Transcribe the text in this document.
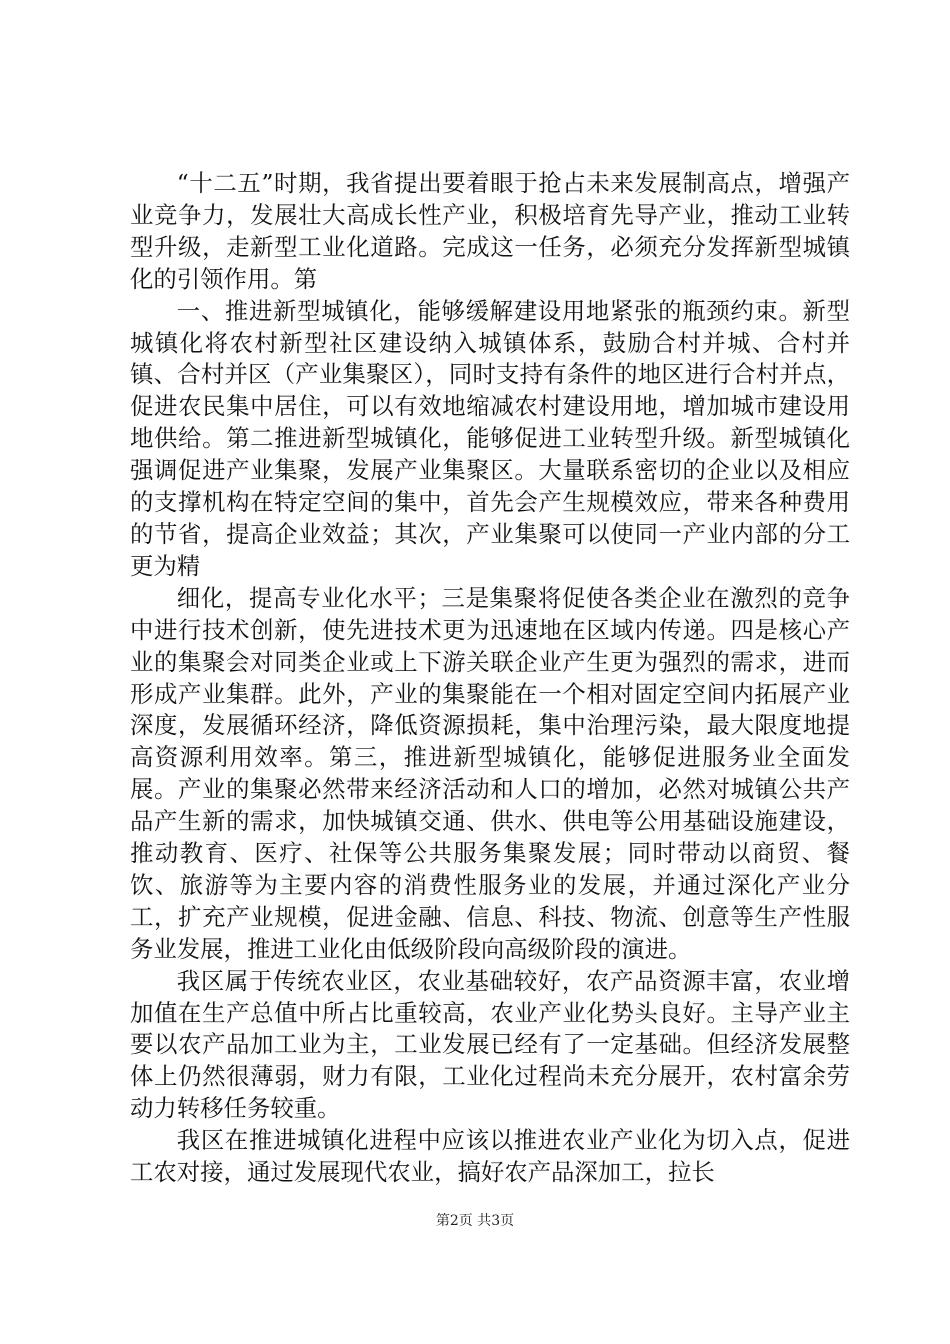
“十二五”时期，我省提出要着眼于抢占未来发展制高点，增强产业竞争力，发展壮大高成长性产业，积极培育先导产业，推动工业转型升级，走新型工业化道路。完成这一任务，必须充分发挥新型城镇化的引领作用。第

一、推进新型城镇化，能够缓解建设用地紧张的瓶颈约束。新型城镇化将农村新型社区建设纳入城镇体系，鼓励合村并城、合村并镇、合村并区（产业集聚区），同时支持有条件的地区进行合村并点，促进农民集中居住，可以有效地缩减农村建设用地，增加城市建设用地供给。第二推进新型城镇化，能够促进工业转型升级。新型城镇化强调促进产业集聚，发展产业集聚区。大量联系密切的企业以及相应的支撑机构在特定空间的集中，首先会产生规模效应，带来各种费用的节省，提高企业效益；其次，产业集聚可以使同一产业内部的分工更为精

细化，提高专业化水平；三是集聚将促使各类企业在激烈的竞争中进行技术创新，使先进技术更为迅速地在区域内传递。四是核心产业的集聚会对同类企业或上下游关联企业产生更为强烈的需求，进而形成产业集群。此外，产业的集聚能在一个相对固定空间内拓展产业深度，发展循环经济，降低资源损耗，集中治理污染，最大限度地提高资源利用效率。第三，推进新型城镇化，能够促进服务业全面发展。产业的集聚必然带来经济活动和人口的增加，必然对城镇公共产品产生新的需求，加快城镇交通、供水、供电等公用基础设施建设，推动教育、医疗、社保等公共服务集聚发展；同时带动以商贸、餐饮、旅游等为主要内容的消费性服务业的发展，并通过深化产业分工，扩充产业规模，促进金融、信息、科技、物流、创意等生产性服务业发展，推进工业化由低级阶段向高级阶段的演进。

我区属于传统农业区，农业基础较好，农产品资源丰富，农业增加值在生产总值中所占比重较高，农业产业化势头良好。主导产业主要以农产品加工业为主，工业发展已经有了一定基础。但经济发展整体上仍然很薄弱，财力有限，工业化过程尚未充分展开，农村富余劳动力转移任务较重。

我区在推进城镇化进程中应该以推进农业产业化为切入点，促进工农对接，通过发展现代农业，搞好农产品深加工，拉长

第2页 共3页
